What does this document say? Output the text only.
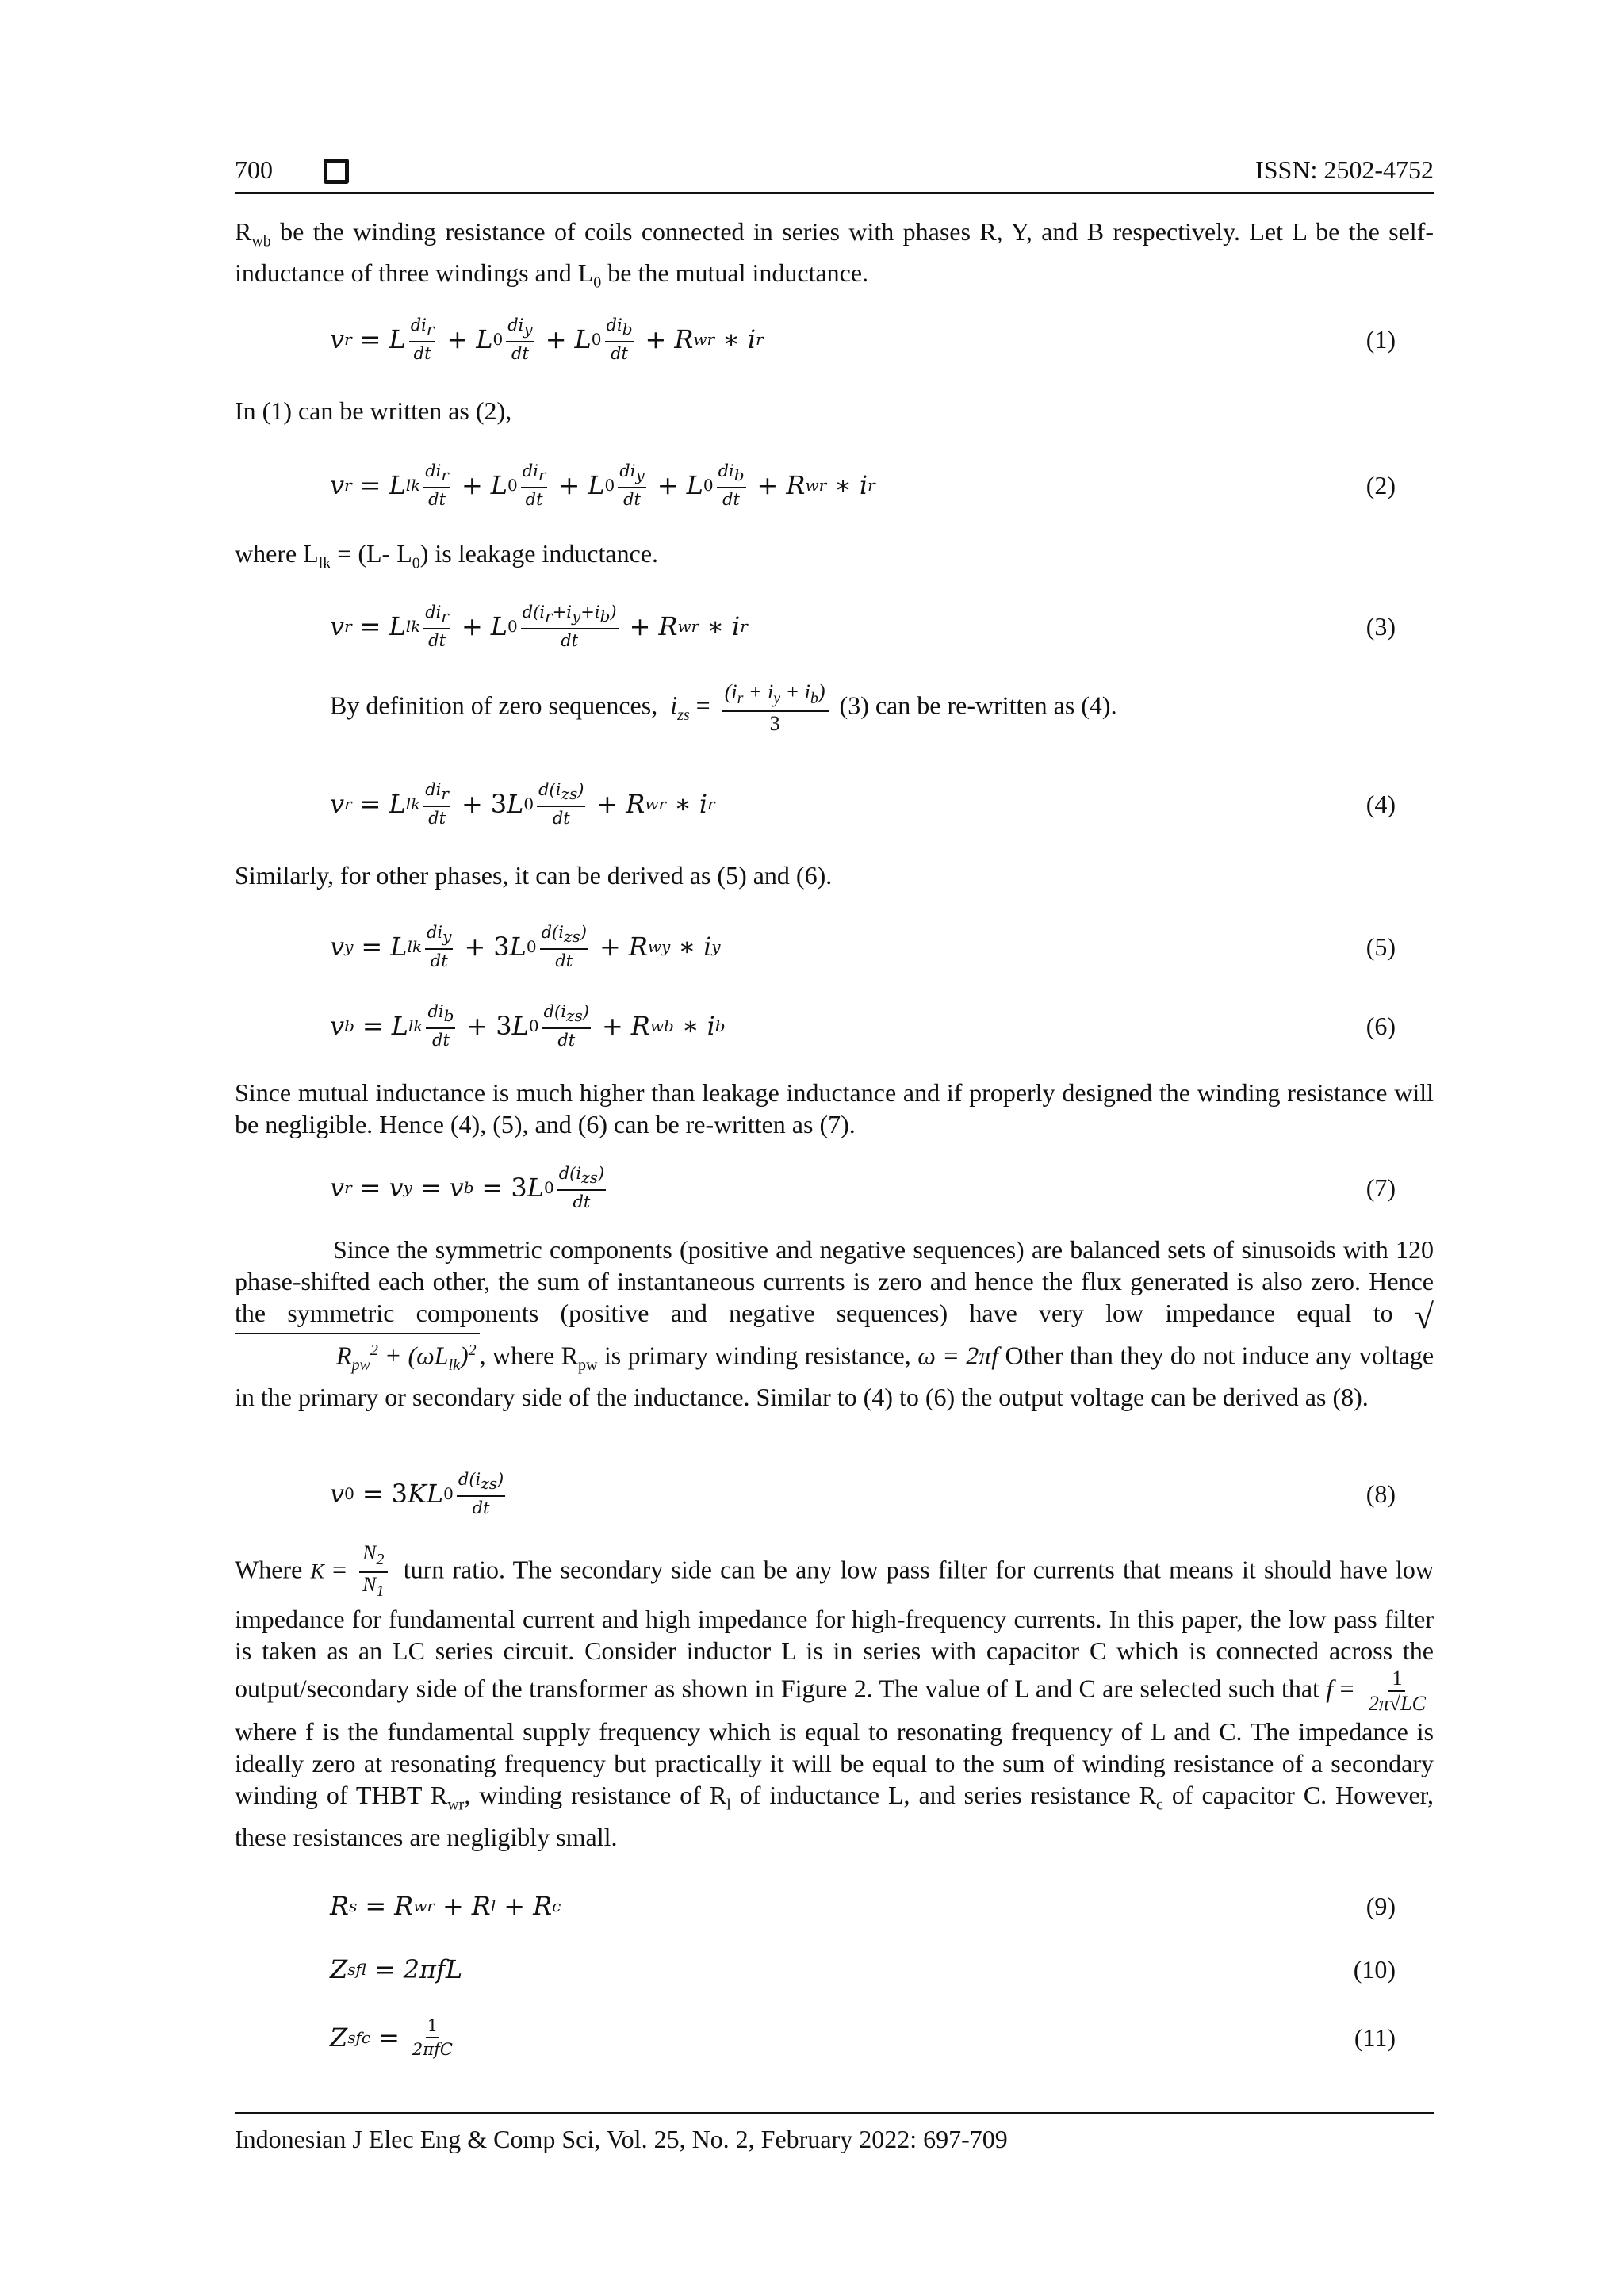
700	ISSN: 2502-4752

$R_{wb}$ be the winding resistance of coils connected in series with phases R, Y, and B respectively. Let L be the self-inductance of three windings and $L_0$ be the mutual inductance.

v r = L $\frac{di_r}{dt} + L$ $0 \frac{di_y}{dt} + L$ $0 \frac{di_b}{dt} + R$ wr ∗ i r	(1)

In (1) can be written as (2),

v r = L lk $\frac{di_r}{dt} + L$ $0 \frac{di_r}{dt} + L$ $0 \frac{di_y}{dt} + L$ $0 \frac{di_b}{dt} + R$ wr ∗ i r	(2)

where $L_{lk} = (L-$ $L_0$) is leakage inductance.

v r = L lk $\frac{di_r}{dt} + L$ $0 \frac{d(i_r+i_y+i_b)}{dt} + R$ wr ∗ i r	(3)

By definition of zero sequences, $i_{zs} = \frac{(i_r + i_y + i_b)}{3} (3)$ can be re-written as (4).

v r = L lk $\frac{di_r}{dt} + 3$ L $0 \frac{d(i_{zs})}{dt} + R$ wr ∗ i r	(4)

Similarly, for other phases, it can be derived as (5) and (6).

v y = L lk $\frac{di_y}{dt} + 3$ L $0 \frac{d(i_{zs})}{dt} + R$ wy ∗ i y	(5)
v b = L lk $\frac{di_b}{dt} + 3$ L $0 \frac{d(i_{zs})}{dt} + R$ wb ∗ i b	(6)

Since mutual inductance is much higher than leakage inductance and if properly designed the winding resistance will be negligible. Hence (4), (5), and (6) can be re-written as (7).

v r = v y = v b = 3 L $0 \frac{d(i_{zs})}{dt}$	(7)

Since the symmetric components (positive and negative sequences) are balanced sets of sinusoids with 120 phase-shifted each other, the sum of instantaneous currents is zero and hence the flux generated is also zero. Hence the symmetric components (positive and negative sequences) have very low impedance equal to $√R_{pw}^2 + (\omega L_{lk})^2$ , where $R_{pw}$ is primary winding resistance, ω = 2πf Other than they do not induce any voltage in the primary or secondary side of the inductance. Similar to (4) to (6) the output voltage can be derived as (8).

v 0 = 3 KL $0 \frac{d(i_{zs})}{dt}$	(8)

Where $K = \frac{N_2}{N_1}$ turn ratio. The secondary side can be any low pass filter for currents that means it should have low impedance for fundamental current and high impedance for high-frequency currents. In this paper, the low pass filter is taken as an LC series circuit. Consider inductor L is in series with capacitor C which is connected across the output/secondary side of the transformer as shown in Figure 2. The value of L and C are selected such that $f = \frac{1}{2\pi√LC}$
where f is the fundamental supply frequency which is equal to resonating frequency of L and C. The impedance is ideally zero at resonating frequency but practically it will be equal to the sum of winding resistance of a secondary winding of THBT $R_{wr}$, winding resistance of $R_l$ of inductance L, and series resistance $R_c$ of capacitor C. However, these resistances are negligibly small.

R s = R wr + R l + R c	(9)
Z sfl = 2πfL	(10)
Z sfc = $\frac{1}{\text{2πfC}}$	(11)
Indonesian J Elec Eng & Comp Sci, Vol. 25, No. 2, February 2022: 697-709
